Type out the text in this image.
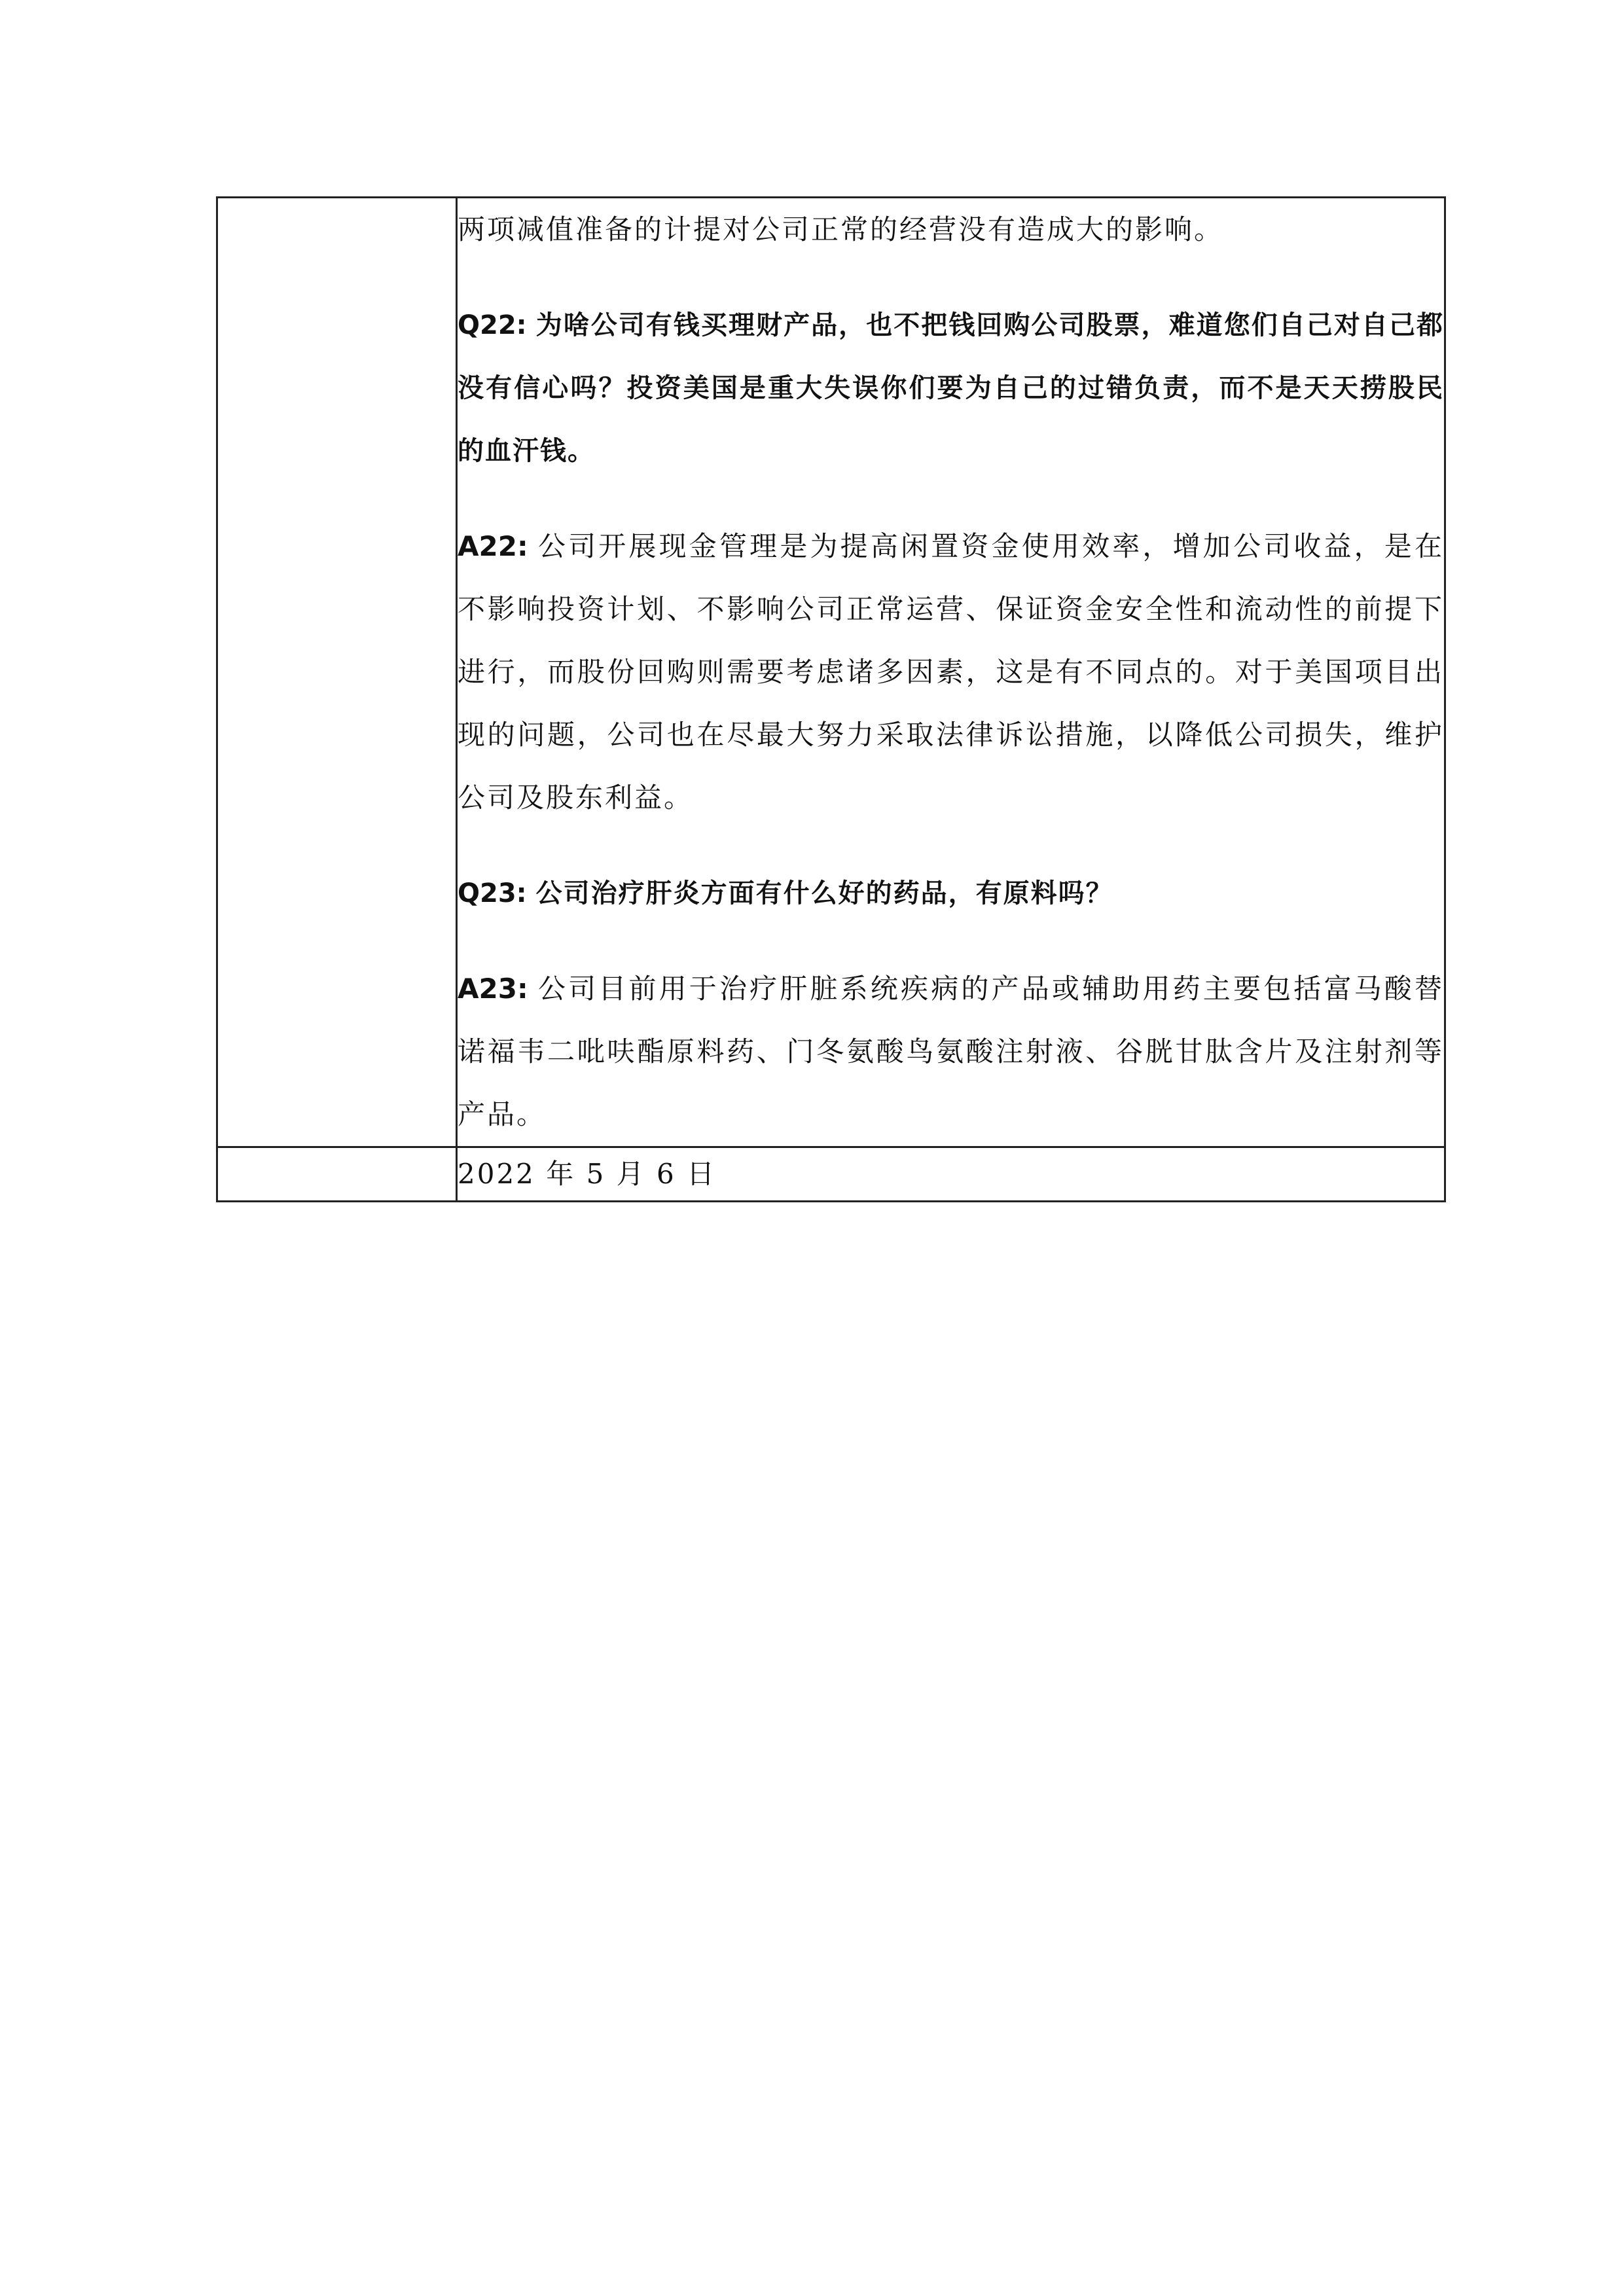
	两项减值准备的计提对公司正常的经营没有造成大的影响。

Q22: 为啥公司有钱买理财产品，也不把钱回购公司股票，难道您们自己对自己都没有信心吗？投资美国是重大失误你们要为自己的过错负责，而不是天天捞股民的血汗钱。

A22: 公司开展现金管理是为提高闲置资金使用效率，增加公司收益，是在不影响投资计划、不影响公司正常运营、保证资金安全性和流动性的前提下进行，而股份回购则需要考虑诸多因素，这是有不同点的。对于美国项目出现的问题，公司也在尽最大努力采取法律诉讼措施，以降低公司损失，维护公司及股东利益。

Q23: 公司治疗肝炎方面有什么好的药品，有原料吗？

A23: 公司目前用于治疗肝脏系统疾病的产品或辅助用药主要包括富马酸替诺福韦二吡呋酯原料药、门冬氨酸鸟氨酸注射液、谷胱甘肽含片及注射剂等产品。

	2022 年 5 月 6 日
